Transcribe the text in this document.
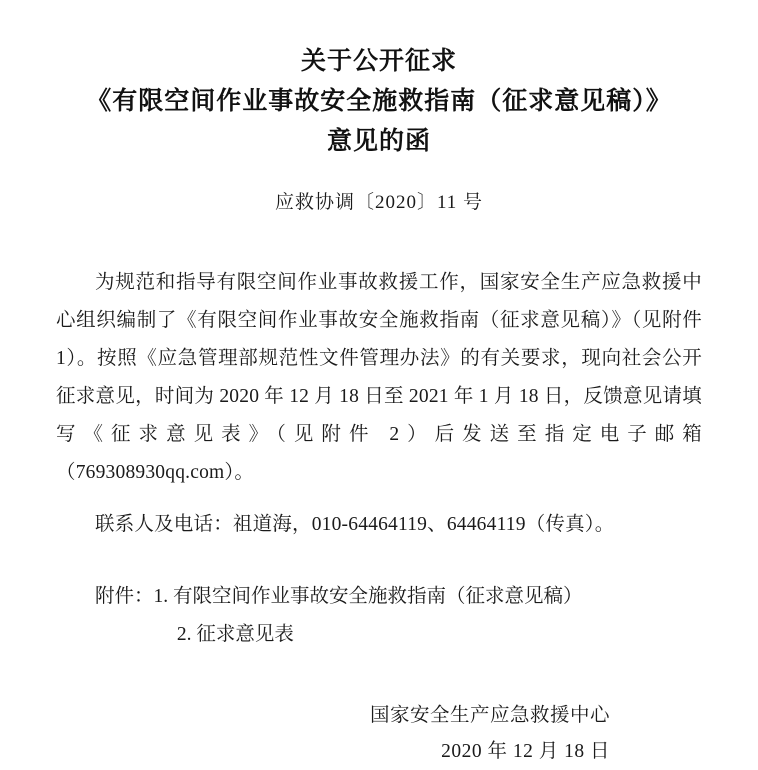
关于公开征求
《有限空间作业事故安全施救指南（征求意见稿）》
意见的函
应救协调〔2020〕11 号

为规范和指导有限空间作业事故救援工作，国家安全生产应急救援中心组织编制了《有限空间作业事故安全施救指南（征求意见稿）》（见附件 1）。按照《应急管理部规范性文件管理办法》的有关要求，现向社会公开征求意见，时间为 2020 年 12 月 18 日至 2021 年 1 月 18 日，反馈意见请填写《征求意见表》（见附件 2）后发送至指定电子邮箱（769308930qq.com）。

联系人及电话：祖道海，010-64464119、64464119（传真）。

附件：1. 有限空间作业事故安全施救指南（征求意见稿）
2. 征求意见表
国家安全生产应急救援中心
2020 年 12 月 18 日
